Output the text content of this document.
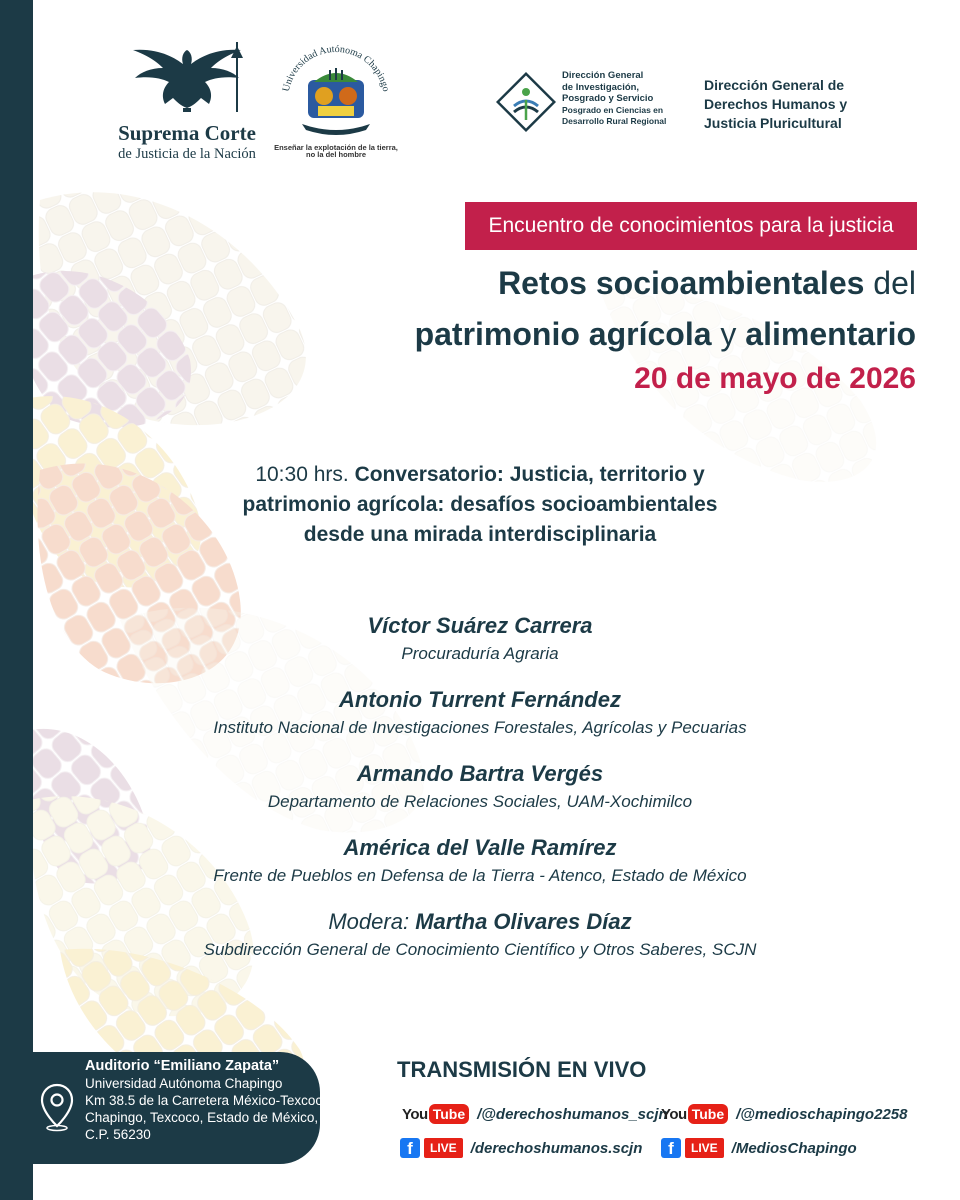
Suprema Corte
de Justicia de la Nación
Universidad Autónoma Chapingo
Enseñar la explotación de la tierra,
no la del hombre
Dirección General
de Investigación,
Posgrado y Servicio
Posgrado en Ciencias en
Desarrollo Rural Regional
Dirección General de
Derechos Humanos y
Justicia Pluricultural
Encuentro de conocimientos para la justicia
Retos socioambientales del
patrimonio agrícola y alimentario
20 de mayo de 2026
10:30 hrs. Conversatorio: Justicia, territorio y
patrimonio agrícola: desafíos socioambientales
desde una mirada interdisciplinaria
Víctor Suárez Carrera
Procuraduría Agraria
Antonio Turrent Fernández
Instituto Nacional de Investigaciones Forestales, Agrícolas y Pecuarias
Armando Bartra Vergés
Departamento de Relaciones Sociales, UAM-Xochimilco
América del Valle Ramírez
Frente de Pueblos en Defensa de la Tierra - Atenco, Estado de México
Modera: Martha Olivares Díaz
Subdirección General de Conocimiento Científico y Otros Saberes, SCJN
Auditorio “Emiliano Zapata”
Universidad Autónoma Chapingo
Km 38.5 de la Carretera México-Texcoco,
Chapingo, Texcoco, Estado de México,
C.P. 56230
TRANSMISIÓN EN VIVO
You Tube /@derechoshumanos_scjn
You Tube /@medioschapingo2258
f	LIVE /derechoshumanos.scjn	f	LIVE /MediosChapingo
